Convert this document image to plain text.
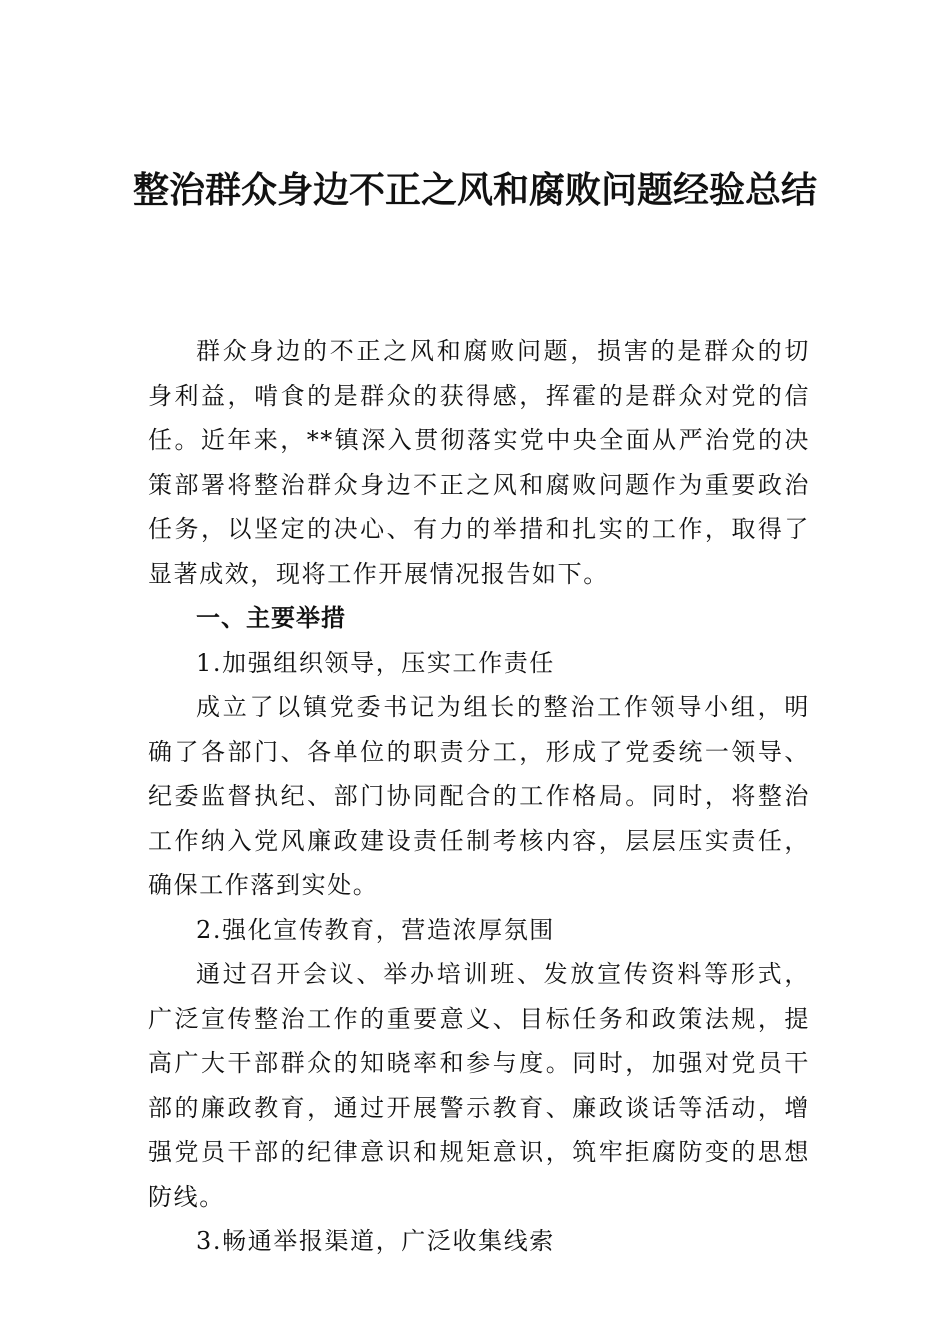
整治群众身边不正之风和腐败问题经验总结

群众身边的不正之风和腐败问题，损害的是群众的切身利益，啃食的是群众的获得感，挥霍的是群众对党的信任。近年来，**镇深入贯彻落实党中央全面从严治党的决策部署将整治群众身边不正之风和腐败问题作为重要政治任务，以坚定的决心、有力的举措和扎实的工作，取得了显著成效，现将工作开展情况报告如下。

一、主要举措

1.加强组织领导，压实工作责任

成立了以镇党委书记为组长的整治工作领导小组，明确了各部门、各单位的职责分工，形成了党委统一领导、纪委监督执纪、部门协同配合的工作格局。同时，将整治工作纳入党风廉政建设责任制考核内容，层层压实责任，确保工作落到实处。

2.强化宣传教育，营造浓厚氛围

通过召开会议、举办培训班、发放宣传资料等形式，广泛宣传整治工作的重要意义、目标任务和政策法规，提高广大干部群众的知晓率和参与度。同时，加强对党员干部的廉政教育，通过开展警示教育、廉政谈话等活动，增强党员干部的纪律意识和规矩意识，筑牢拒腐防变的思想防线。

3.畅通举报渠道，广泛收集线索
